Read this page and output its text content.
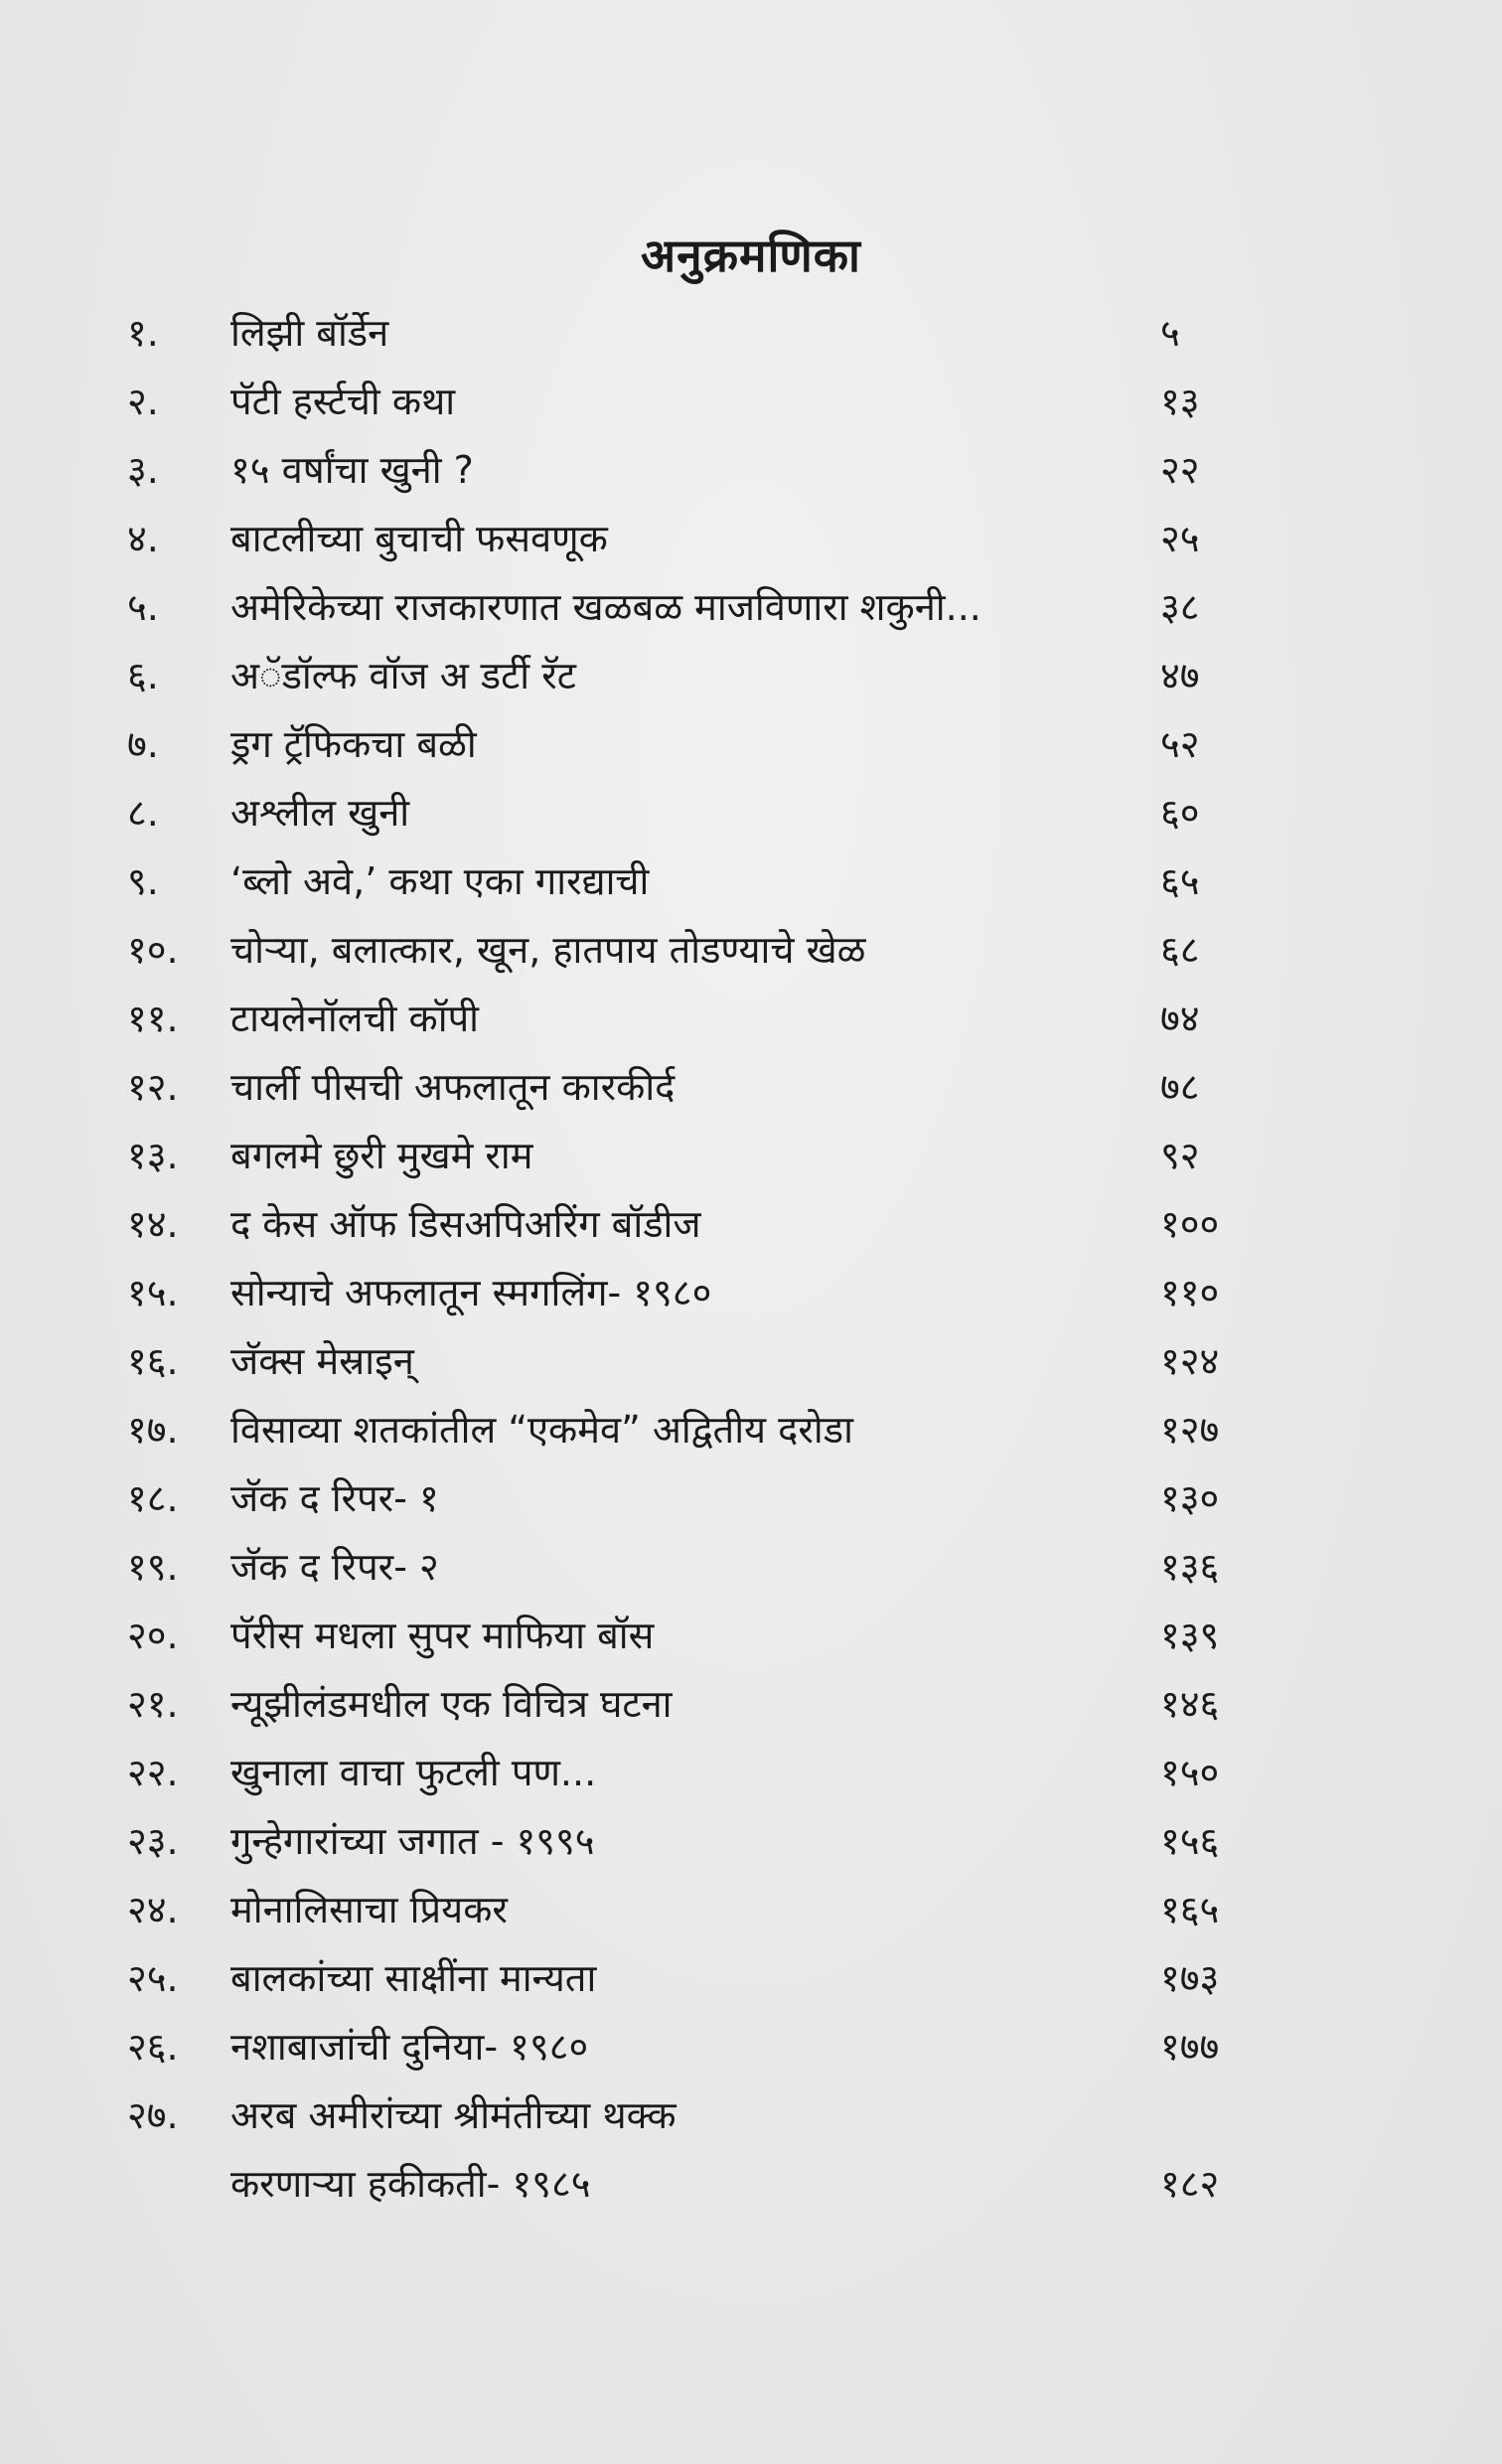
अनुक्रमणिका
१.	लिझी बॉर्डेन	५
२.	पॅटी हर्स्टची कथा	१३
३.	१५ वर्षांचा खुनी ?	२२
४.	बाटलीच्या बुचाची फसवणूक	२५
५.	अमेरिकेच्या राजकारणात खळबळ माजविणारा शकुनी...	३८
६.	अॅडॉल्फ वॉज अ डर्टी रॅट	४७
७.	ड्रग ट्रॅफिकचा बळी	५२
८.	अश्लील खुनी	६०
९.	‘ब्लो अवे,’ कथा एका गारद्याची	६५
१०.	चोऱ्या, बलात्कार, खून, हातपाय तोडण्याचे खेळ	६८
११.	टायलेनॉलची कॉपी	७४
१२.	चार्ली पीसची अफलातून कारकीर्द	७८
१३.	बगलमे छुरी मुखमे राम	९२
१४.	द केस ऑफ डिसअपिअरिंग बॉडीज	१००
१५.	सोन्याचे अफलातून स्मगलिंग- १९८०	११०
१६.	जॅक्स मेस्राइन्	१२४
१७.	विसाव्या शतकांतील “एकमेव” अद्वितीय दरोडा	१२७
१८.	जॅक द रिपर- १	१३०
१९.	जॅक द रिपर- २	१३६
२०.	पॅरीस मधला सुपर माफिया बॉस	१३९
२१.	न्यूझीलंडमधील एक विचित्र घटना	१४६
२२.	खुनाला वाचा फुटली पण...	१५०
२३.	गुन्हेगारांच्या जगात - १९९५	१५६
२४.	मोनालिसाचा प्रियकर	१६५
२५.	बालकांच्या साक्षींना मान्यता	१७३
२६.	नशाबाजांची दुनिया- १९८०	१७७
२७.	अरब अमीरांच्या श्रीमंतीच्या थक्क
करणाऱ्या हकीकती- १९८५	१८२
